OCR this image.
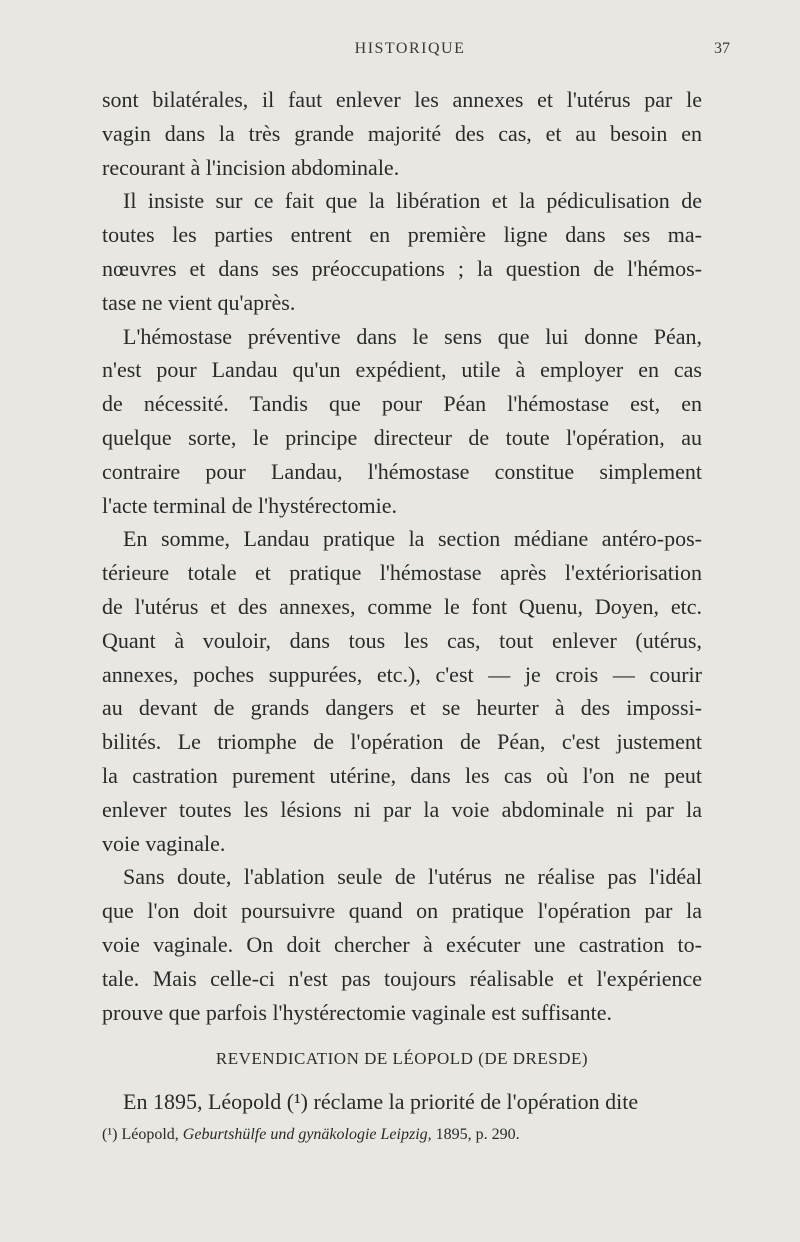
HISTORIQUE	37
sont bilatérales, il faut enlever les annexes et l'utérus par le
vagin dans la très grande majorité des cas, et au besoin en
recourant à l'incision abdominale.
Il insiste sur ce fait que la libération et la pédiculisation de
toutes les parties entrent en première ligne dans ses ma-
nœuvres et dans ses préoccupations ; la question de l'hémos-
tase ne vient qu'après.
L'hémostase préventive dans le sens que lui donne Péan,
n'est pour Landau qu'un expédient, utile à employer en cas
de nécessité. Tandis que pour Péan l'hémostase est, en
quelque sorte, le principe directeur de toute l'opération, au
contraire pour Landau, l'hémostase constitue simplement
l'acte terminal de l'hystérectomie.
En somme, Landau pratique la section médiane antéro-pos-
térieure totale et pratique l'hémostase après l'extériorisation
de l'utérus et des annexes, comme le font Quenu, Doyen, etc.
Quant à vouloir, dans tous les cas, tout enlever (utérus,
annexes, poches suppurées, etc.), c'est — je crois — courir
au devant de grands dangers et se heurter à des impossi-
bilités. Le triomphe de l'opération de Péan, c'est justement
la castration purement utérine, dans les cas où l'on ne peut
enlever toutes les lésions ni par la voie abdominale ni par la
voie vaginale.
Sans doute, l'ablation seule de l'utérus ne réalise pas l'idéal
que l'on doit poursuivre quand on pratique l'opération par la
voie vaginale. On doit chercher à exécuter une castration to-
tale. Mais celle-ci n'est pas toujours réalisable et l'expérience
prouve que parfois l'hystérectomie vaginale est suffisante.
REVENDICATION DE LÉOPOLD (DE DRESDE)
En 1895, Léopold (¹) réclame la priorité de l'opération dite
(¹) Léopold, Geburtshülfe und gynäkologie Leipzig, 1895, p. 290.
